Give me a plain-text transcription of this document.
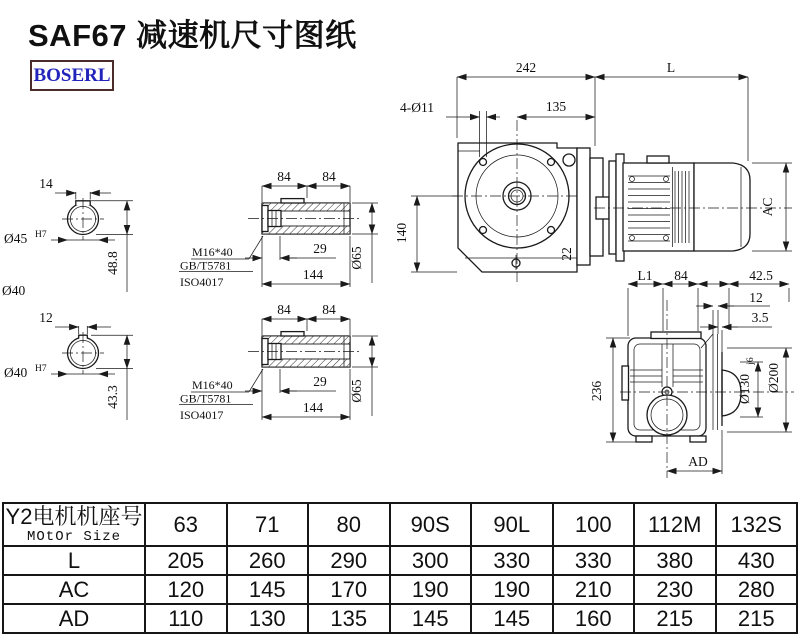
SAF67 减速机尺寸图纸
BOSERL
14
Ø45 H7
48.8
Ø40
12
Ø40 H7
43.3
84 84
29
144
Ø65
M16*40
GB/T5781
ISO4017
242	L
4-Ø11	135
140
22
AC
L1 84	42.5
12
3.5
236	Ø130
j6
Ø200
AD
Y2电机机座号
MOtOr Size	63	71	80	90S	90L	100	112M	132S
L	205	260	290	300	330	330	380	430
AC	120	145	170	190	190	210	230	280
AD	110	130	135	145	145	160	215	215
